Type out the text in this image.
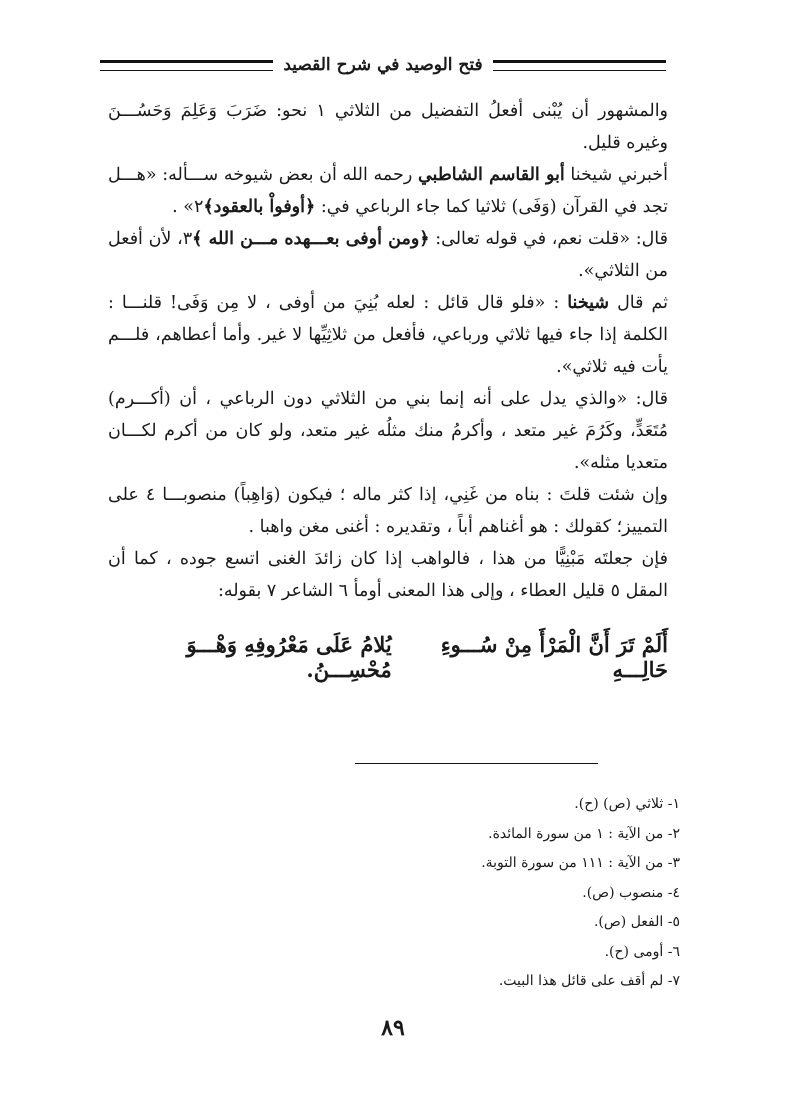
فتح الوصيد في شرح القصيد

والمشهور أن يُبْنى أفعلُ التفضيل من الثلاثي ١ نحو: ضَرَبَ وَعَلِمَ وَحَسُـــنَ وغيره قليل.

أخبرني شيخنا أبو القاسم الشاطبي رحمه الله أن بعض شيوخه ســـأله: «هـــل تجد في القرآن (وَفَى) ثلاثيا كما جاء الرباعي في: ﴿أوفواْ بالعقود﴾٢» .

قال: «قلت نعم، في قوله تعالى: ﴿ومن أوفى بعـــهده مـــن الله ﴾٣، لأن أفعل من الثلاثي».

ثم قال شيخنا : «فلو قال قائل : لعله بُنِيَ من أوفى ، لا مِن وَفَى! قلنـــا : الكلمة إذا جاء فيها ثلاثي ورباعي، فأفعل من ثلاثِيِّها لا غير. وأما أعطاهم، فلـــم يأت فيه ثلاثي».

قال: «والذي يدل على أنه إنما بني من الثلاثي دون الرباعي ، أن (أكـــرم) مُتَعَدٍّ، وكَرُمَ غير متعد ، وأكرمُ منك مثلُه غير متعد، ولو كان من أكرم لكـــان متعديا مثله».

وإن شئت قلتَ : بناه من غَنِي، إذا كثر ماله ؛ فيكون (وَاهِباً) منصوبـــا ٤ على التمييز؛ كقولك : هو أغناهم أباً ، وتقديره : أغنى مغن واهبا .

فإن جعلتَه مَبْنِيًّا من هذا ، فالواهب إذا كان زائدَ الغنى اتسع جوده ، كما أن المقل ٥ قليل العطاء ، وإلى هذا المعنى أومأ ٦ الشاعر ٧ بقوله:

أَلَمْ تَرَ أَنَّ الْمَرْأَ مِنْ سُـــوءِ حَالِـــهِ
يُلامُ عَلَى مَعْرُوفِهِ وَهْـــوَ مُحْسِـــنُ.
١- ثلاثي (ص) (ح).
٢- من الآية : ١ من سورة المائدة.
٣- من الآية : ١١١ من سورة التوبة.
٤- منصوب (ص).
٥- الفعل (ص).
٦- أومى (ح).
٧- لم أقف على قائل هذا البيت.
٨٩
